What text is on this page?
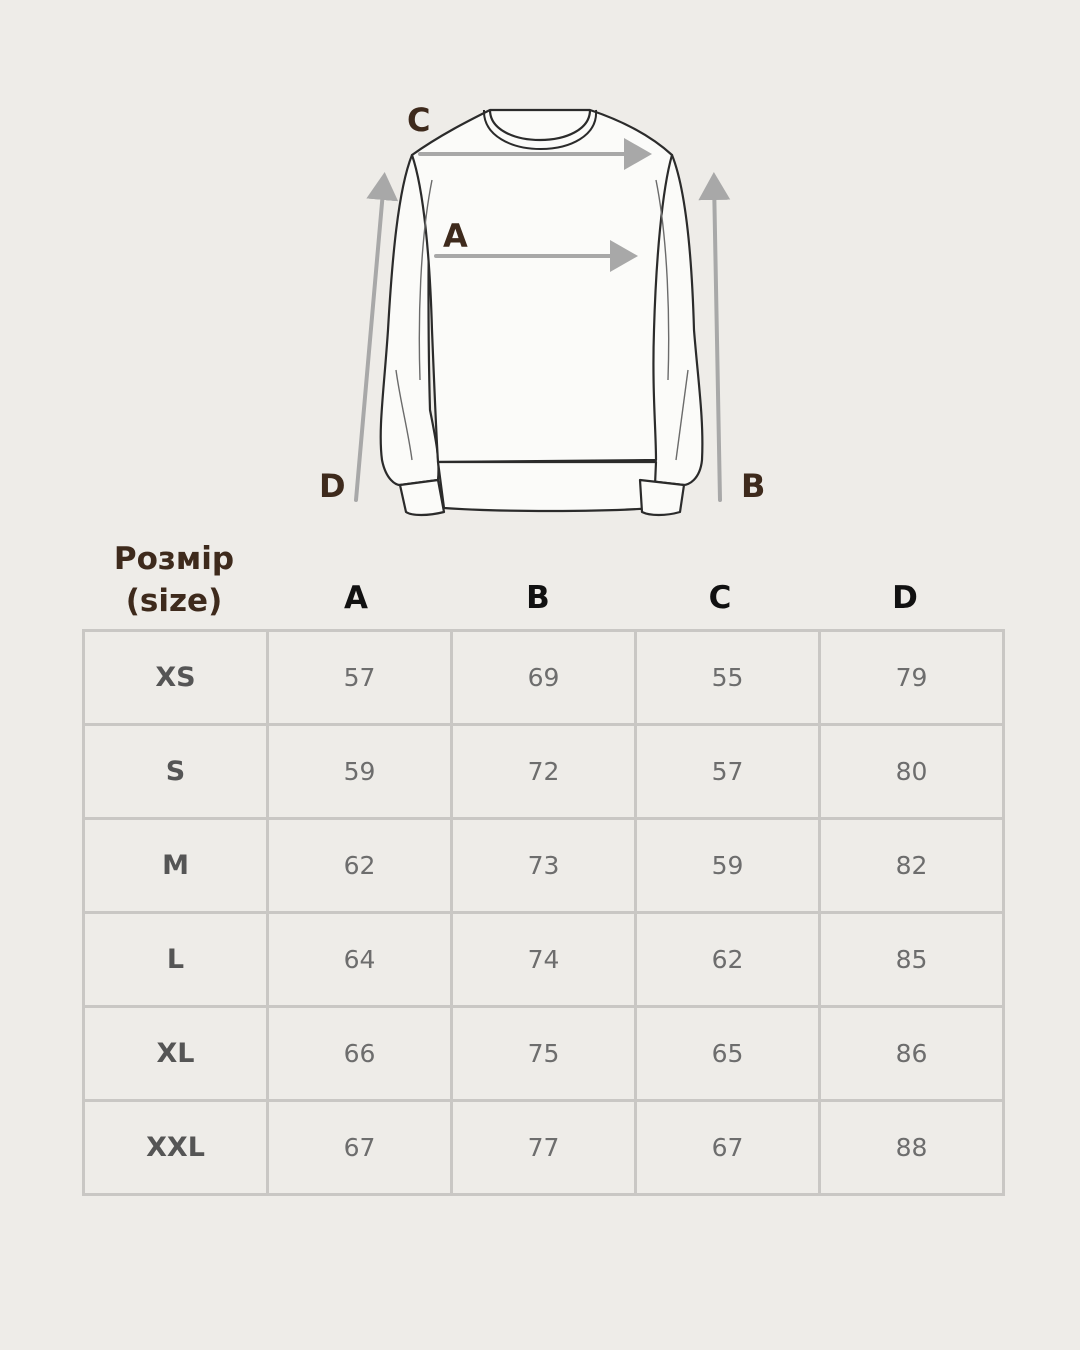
C
A
D	B
Розмір (size)	A	B	C	D
XS	57	69	55	79
S	59	72	57	80
M	62	73	59	82
L	64	74	62	85
XL	66	75	65	86
XXL	67	77	67	88
